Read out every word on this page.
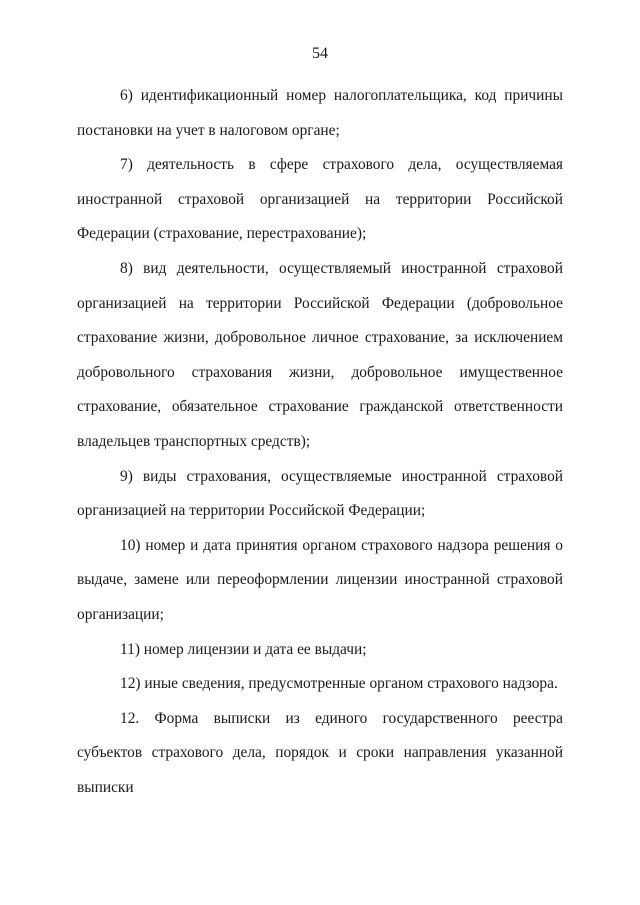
54

6) идентификационный номер налогоплательщика, код причины постановки на учет в налоговом органе;

7) деятельность в сфере страхового дела, осуществляемая иностранной страховой организацией на территории Российской Федерации (страхование, перестрахование);

8) вид деятельности, осуществляемый иностранной страховой организацией на территории Российской Федерации (добровольное страхование жизни, добровольное личное страхование, за исключением добровольного страхования жизни, добровольное имущественное страхование, обязательное страхование гражданской ответственности владельцев транспортных средств);

9) виды страхования, осуществляемые иностранной страховой организацией на территории Российской Федерации;

10) номер и дата принятия органом страхового надзора решения о выдаче, замене или переоформлении лицензии иностранной страховой организации;

11) номер лицензии и дата ее выдачи;

12) иные сведения, предусмотренные органом страхового надзора.

12. Форма выписки из единого государственного реестра субъектов страхового дела, порядок и сроки направления указанной выписки
